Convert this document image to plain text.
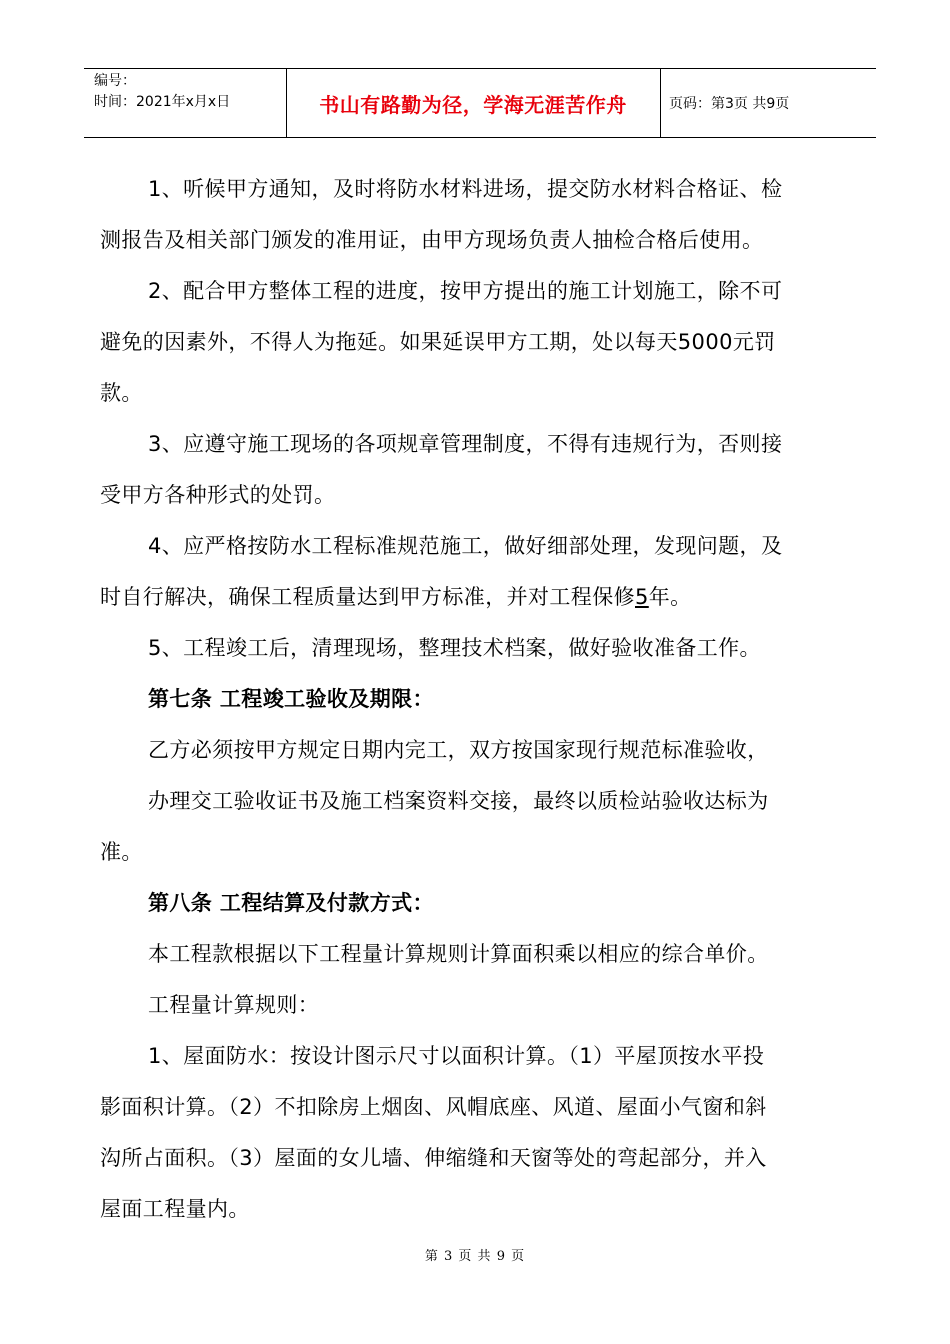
编号：
时间：2021年x月x日	书山有路勤为径，学海无涯苦作舟	页码：第3页 共9页
1、听候甲方通知，及时将防水材料进场，提交防水材料合格证、检
测报告及相关部门颁发的准用证，由甲方现场负责人抽检合格后使用。
2、配合甲方整体工程的进度，按甲方提出的施工计划施工，除不可
避免的因素外，不得人为拖延。如果延误甲方工期，处以每天5000元罚
款。
3、应遵守施工现场的各项规章管理制度，不得有违规行为，否则接
受甲方各种形式的处罚。
4、应严格按防水工程标准规范施工，做好细部处理，发现问题，及
时自行解决，确保工程质量达到甲方标准，并对工程保修5年。
5、工程竣工后，清理现场，整理技术档案，做好验收准备工作。
第七条 工程竣工验收及期限：
乙方必须按甲方规定日期内完工，双方按国家现行规范标准验收，
办理交工验收证书及施工档案资料交接，最终以质检站验收达标为
准。
第八条 工程结算及付款方式：
本工程款根据以下工程量计算规则计算面积乘以相应的综合单价。
工程量计算规则：
1、屋面防水：按设计图示尺寸以面积计算。（1）平屋顶按水平投
影面积计算。（2）不扣除房上烟囱、风帽底座、风道、屋面小气窗和斜
沟所占面积。（3）屋面的女儿墙、伸缩缝和天窗等处的弯起部分，并入
屋面工程量内。
第 3 页 共 9 页
